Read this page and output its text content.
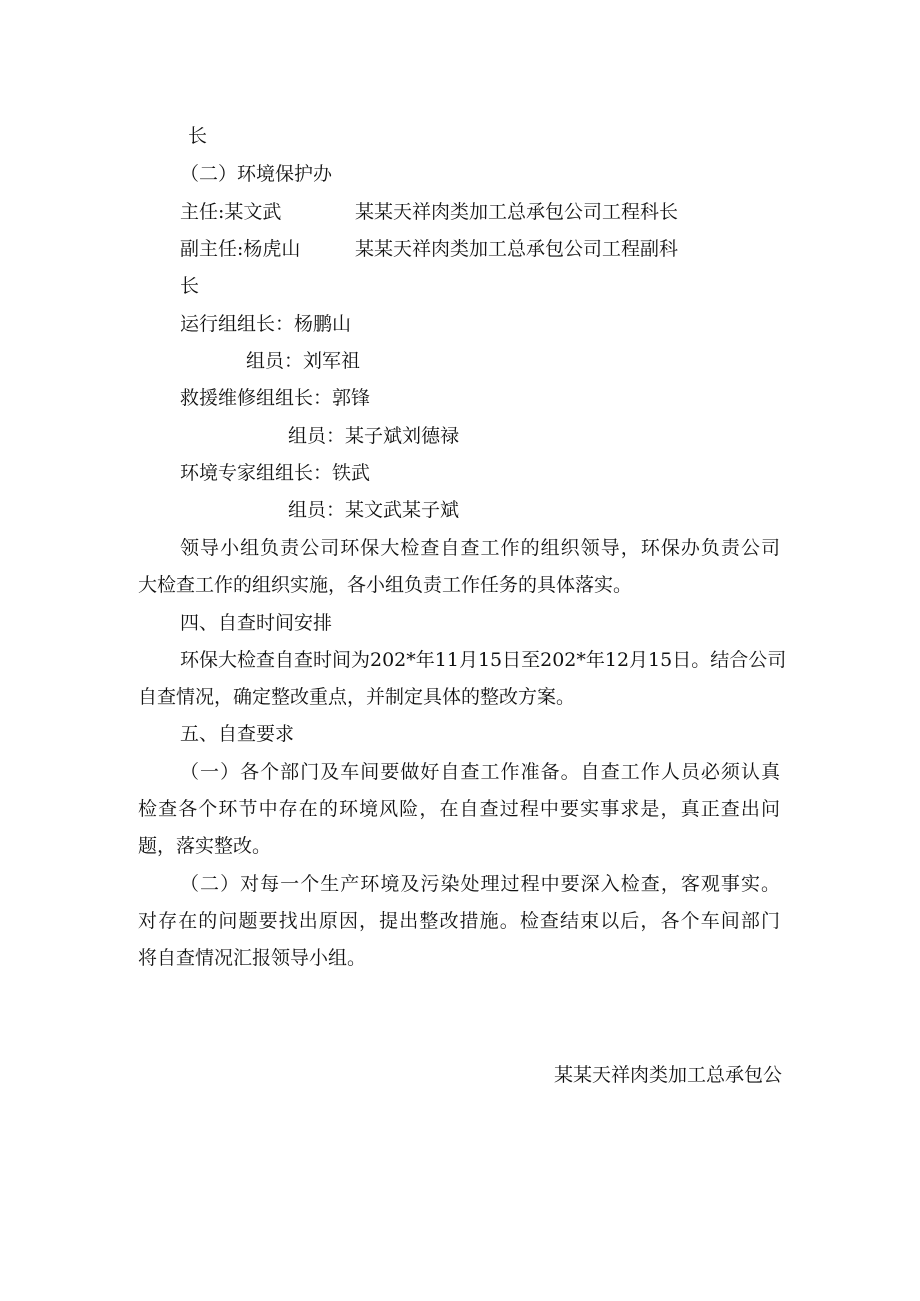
长
（二）环境保护办
主任:某文武	某某天祥肉类加工总承包公司工程科长
副主任:杨虎山	某某天祥肉类加工总承包公司工程副科
长
运行组组长：杨鹏山
组员：刘军祖
救援维修组组长：郭锋
组员：某子斌刘德禄
环境专家组组长：铁武
组员：某文武某子斌
领导小组负责公司环保大检查自查工作的组织领导，环保办负责公司
大检查工作的组织实施，各小组负责工作任务的具体落实。
四、自查时间安排
环保大检查自查时间为202*年11月15日至202*年12月15日。结合公司
自查情况，确定整改重点，并制定具体的整改方案。
五、自查要求
（一）各个部门及车间要做好自查工作准备。自查工作人员必须认真
检查各个环节中存在的环境风险，在自查过程中要实事求是，真正查出问
题，落实整改。
（二）对每一个生产环境及污染处理过程中要深入检查，客观事实。
对存在的问题要找出原因，提出整改措施。检查结束以后，各个车间部门
将自查情况汇报领导小组。
某某天祥肉类加工总承包公
